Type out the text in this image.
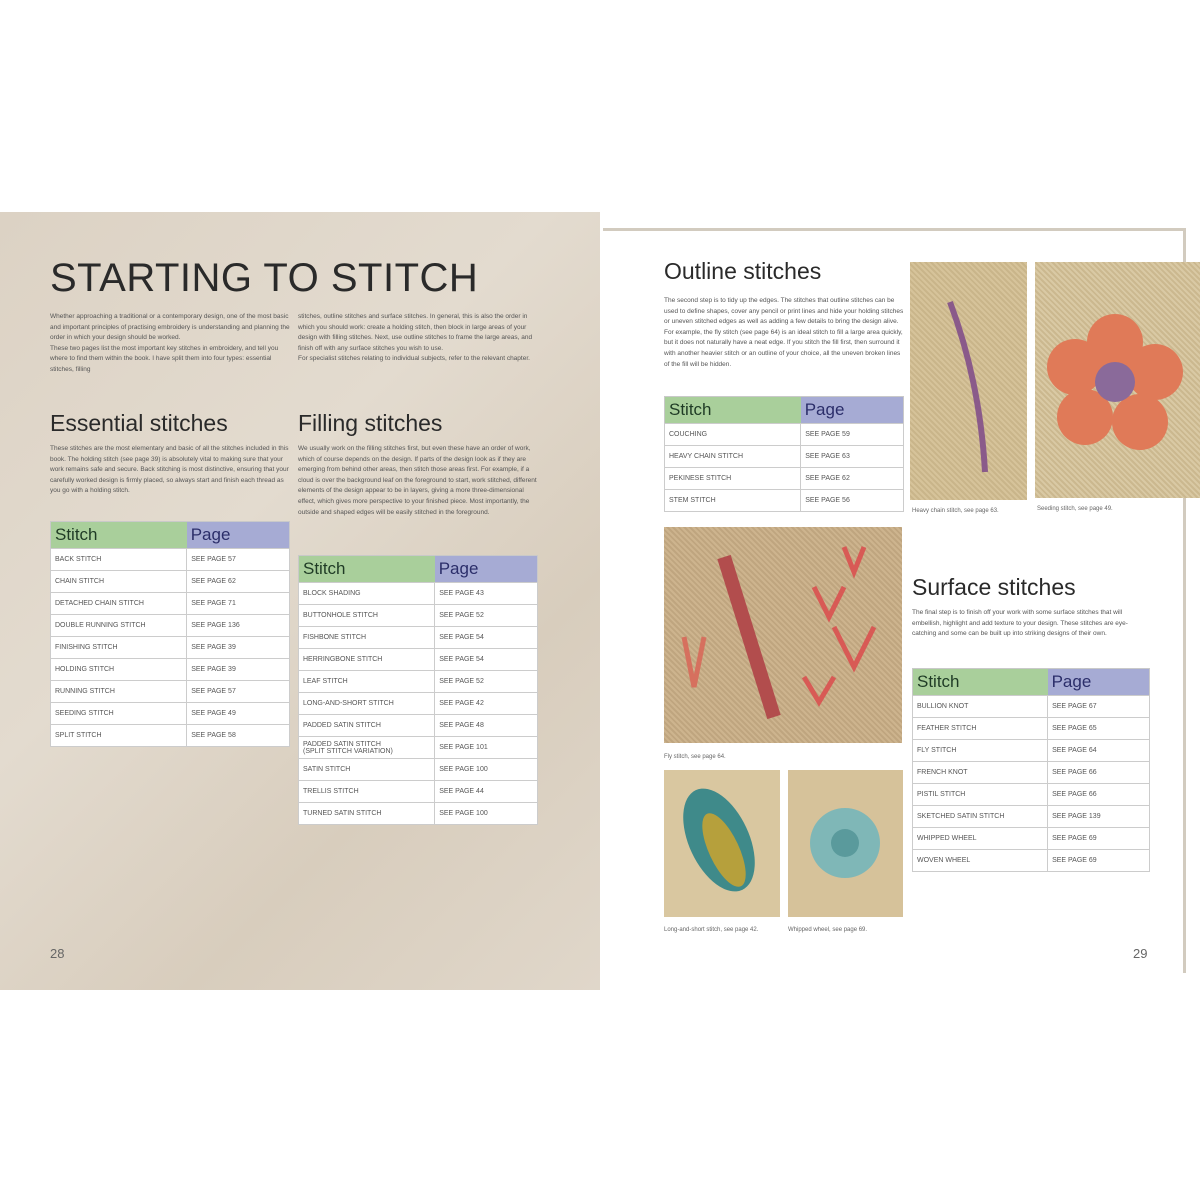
STARTING TO STITCH
Whether approaching a traditional or a contemporary design, one of the most basic and important principles of practising embroidery is understanding and planning the order in which your design should be worked.
These two pages list the most important key stitches in embroidery, and tell you where to find them within the book. I have split them into four types: essential stitches, filling
stitches, outline stitches and surface stitches. In general, this is also the order in which you should work: create a holding stitch, then block in large areas of your design with filling stitches. Next, use outline stitches to frame the large areas, and finish off with any surface stitches you wish to use.
For specialist stitches relating to individual subjects, refer to the relevant chapter.
Essential stitches
These stitches are the most elementary and basic of all the stitches included in this book. The holding stitch (see page 39) is absolutely vital to making sure that your work remains safe and secure. Back stitching is most distinctive, ensuring that your carefully worked design is firmly placed, so always start and finish each thread as you go with a holding stitch.
Filling stitches
We usually work on the filling stitches first, but even these have an order of work, which of course depends on the design. If parts of the design look as if they are emerging from behind other areas, then stitch those areas first. For example, if a cloud is over the background leaf on the foreground to start, work stitched, different elements of the design appear to be in layers, giving a more three-dimensional effect, which gives more perspective to your finished piece. Most importantly, the outside and shaped edges will be easily stitched in the foreground.
Stitch	Page
BACK STITCH	SEE PAGE 57
CHAIN STITCH	SEE PAGE 62
DETACHED CHAIN STITCH	SEE PAGE 71
DOUBLE RUNNING STITCH	SEE PAGE 136
FINISHING STITCH	SEE PAGE 39
HOLDING STITCH	SEE PAGE 39
RUNNING STITCH	SEE PAGE 57
SEEDING STITCH	SEE PAGE 49
SPLIT STITCH	SEE PAGE 58
Stitch	Page
BLOCK SHADING	SEE PAGE 43
BUTTONHOLE STITCH	SEE PAGE 52
FISHBONE STITCH	SEE PAGE 54
HERRINGBONE STITCH	SEE PAGE 54
LEAF STITCH	SEE PAGE 52
LONG-AND-SHORT STITCH	SEE PAGE 42
PADDED SATIN STITCH	SEE PAGE 48
PADDED SATIN STITCH
(SPLIT STITCH VARIATION)	SEE PAGE 101
SATIN STITCH	SEE PAGE 100
TRELLIS STITCH	SEE PAGE 44
TURNED SATIN STITCH	SEE PAGE 100
Stitch	Page
COUCHING	SEE PAGE 59
HEAVY CHAIN STITCH	SEE PAGE 63
PEKINESE STITCH	SEE PAGE 62
STEM STITCH	SEE PAGE 56
Stitch	Page
BULLION KNOT	SEE PAGE 67
FEATHER STITCH	SEE PAGE 65
FLY STITCH	SEE PAGE 64
FRENCH KNOT	SEE PAGE 66
PISTIL STITCH	SEE PAGE 66
SKETCHED SATIN STITCH	SEE PAGE 139
WHIPPED WHEEL	SEE PAGE 69
WOVEN WHEEL	SEE PAGE 69
28
Outline stitches
The second step is to tidy up the edges. The stitches that outline stitches can be used to define shapes, cover any pencil or print lines and hide your holding stitches or uneven stitched edges as well as adding a few details to bring the design alive. For example, the fly stitch (see page 64) is an ideal stitch to fill a large area quickly, but it does not naturally have a neat edge. If you stitch the fill first, then surround it with another heavier stitch or an outline of your choice, all the uneven broken lines of the fill will be hidden.
Heavy chain stitch, see page 63.	Seeding stitch, see page 49.
Fly stitch, see page 64.
Long-and-short stitch, see page 42.	Whipped wheel, see page 69.
Surface stitches
The final step is to finish off your work with some surface stitches that will embellish, highlight and add texture to your design. These stitches are eye-catching and some can be built up into striking designs of their own.
29
